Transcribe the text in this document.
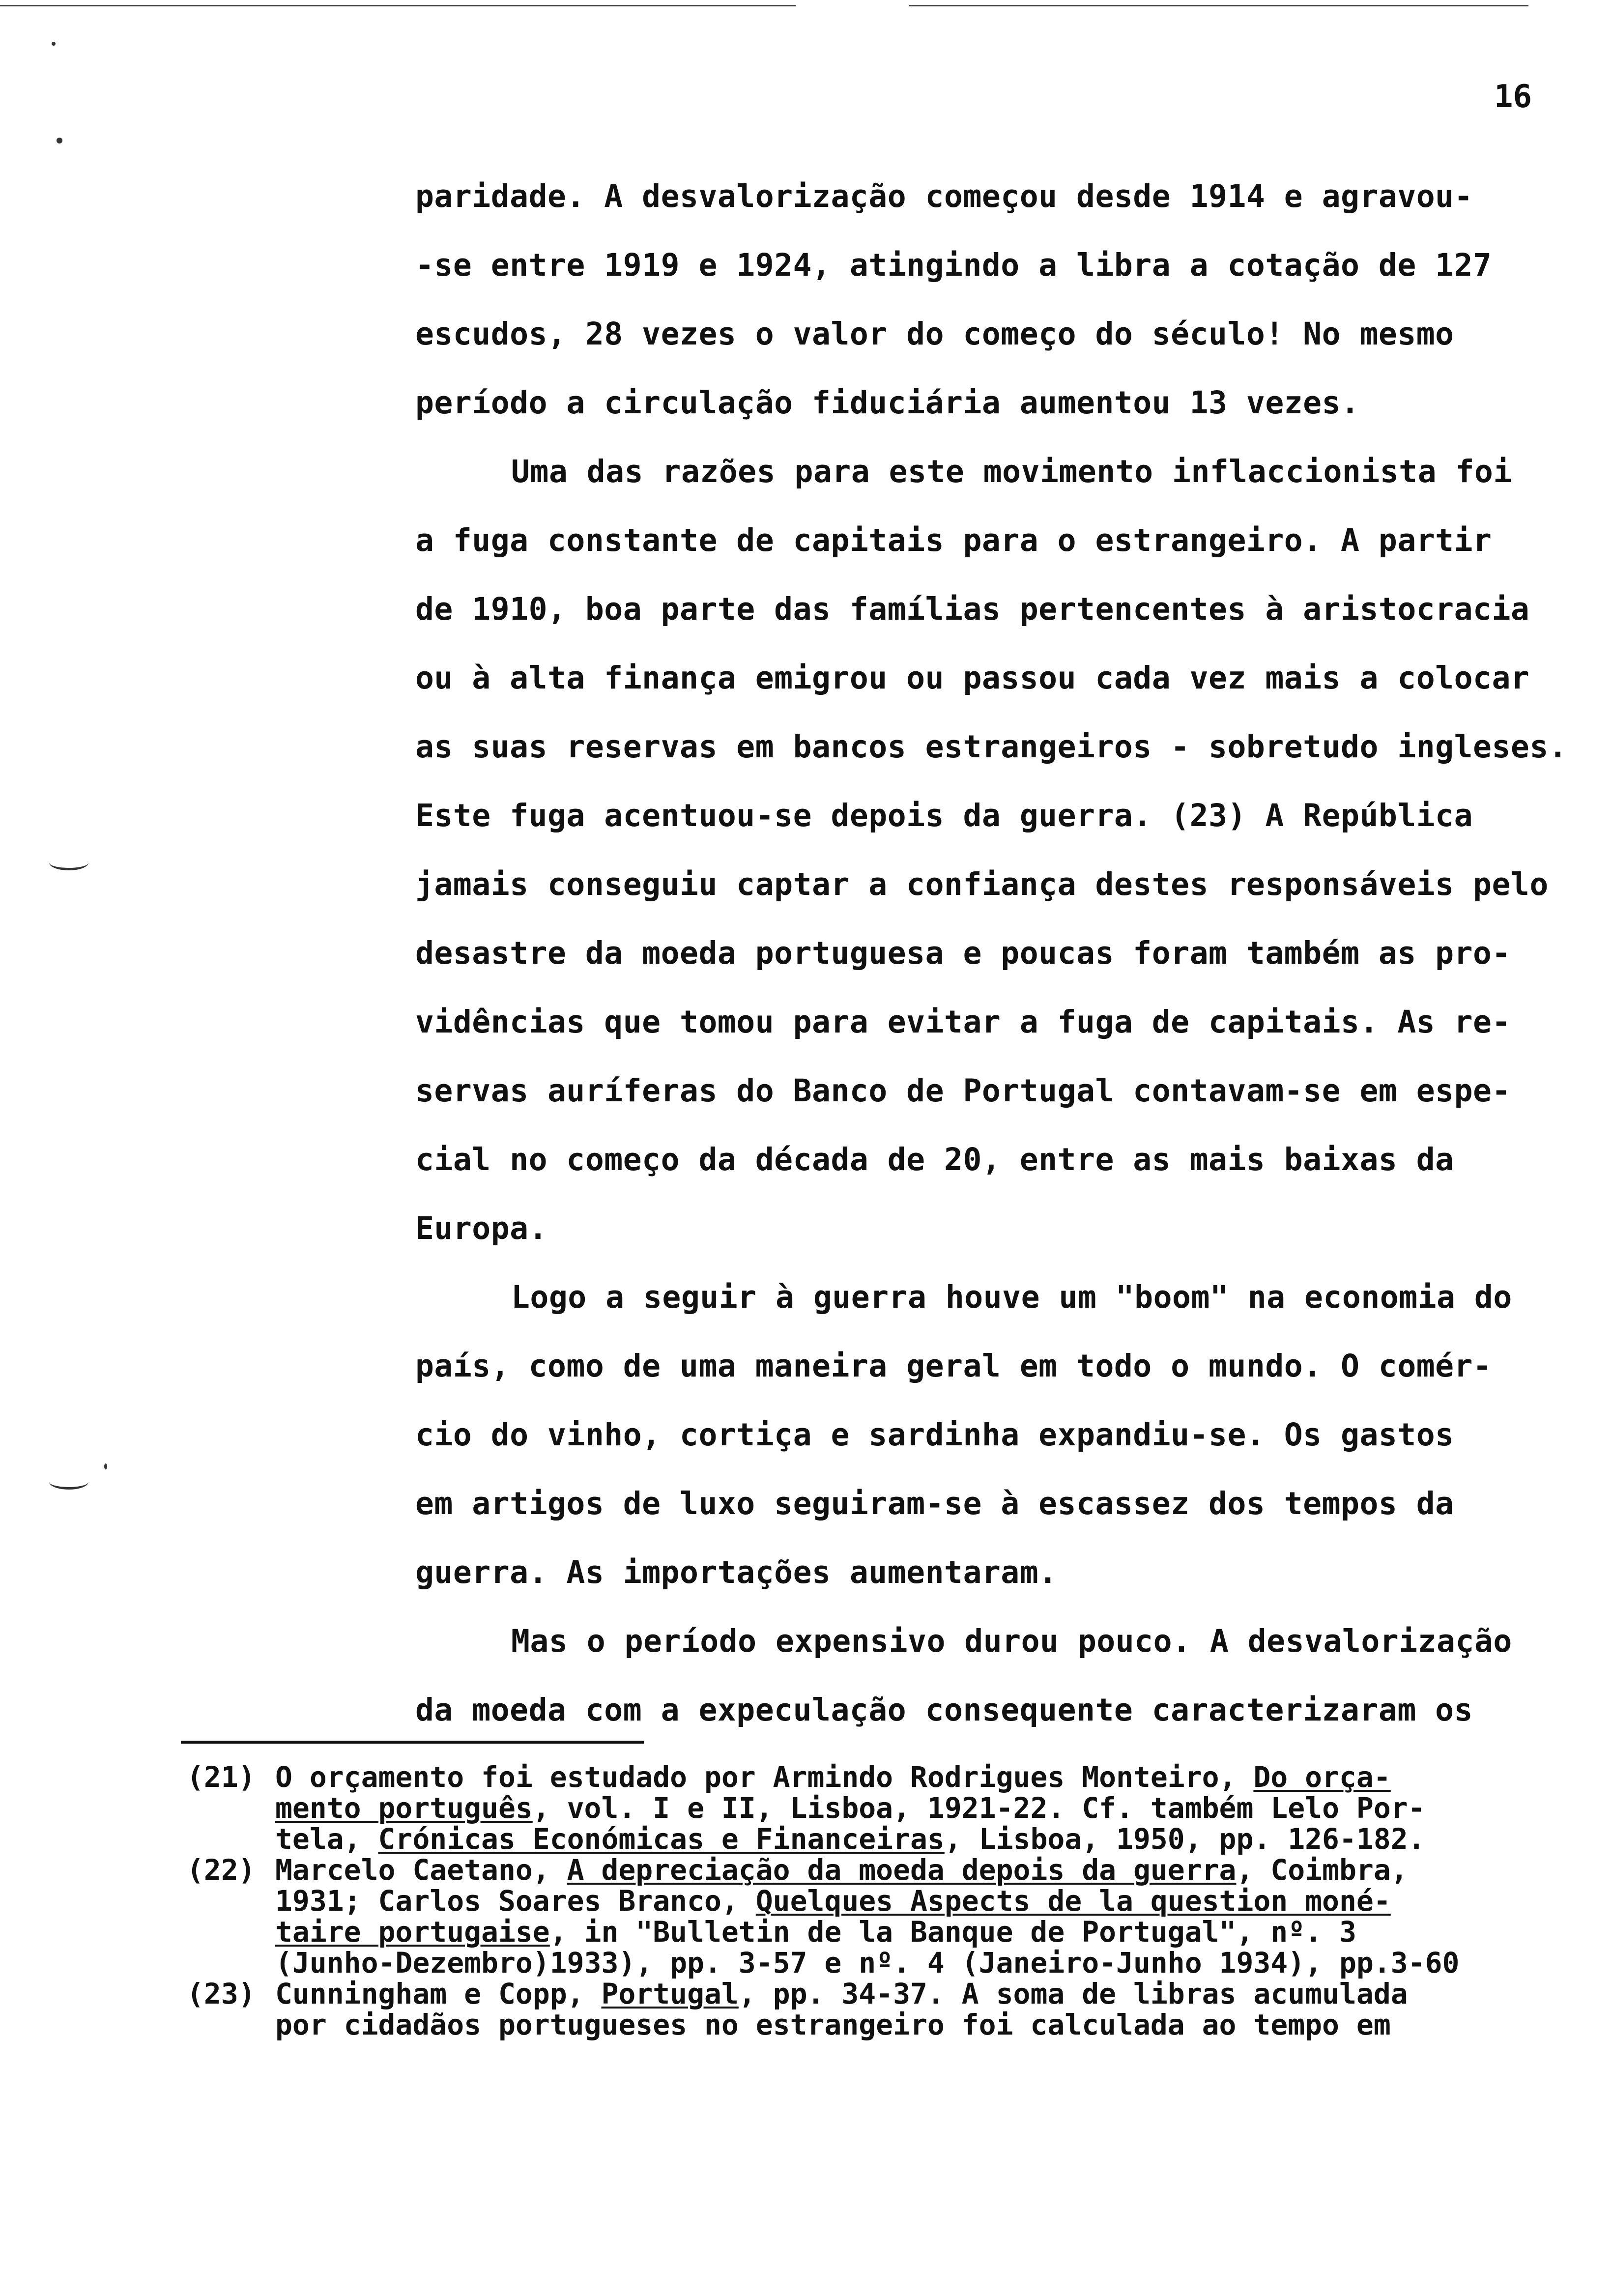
16
paridade. A desvalorização começou desde 1914 e agravou-
-se entre 1919 e 1924, atingindo a libra a cotação de 127
escudos, 28 vezes o valor do começo do século! No mesmo
período a circulação fiduciária aumentou 13 vezes.
Uma das razões para este movimento inflaccionista foi
a fuga constante de capitais para o estrangeiro. A partir
de 1910, boa parte das famílias pertencentes à aristocracia
ou à alta finança emigrou ou passou cada vez mais a colocar
as suas reservas em bancos estrangeiros - sobretudo ingleses.
Este fuga acentuou-se depois da guerra. (23) A República
jamais conseguiu captar a confiança destes responsáveis pelo
desastre da moeda portuguesa e poucas foram também as pro-
vidências que tomou para evitar a fuga de capitais. As re-
servas auríferas do Banco de Portugal contavam-se em espe-
cial no começo da década de 20, entre as mais baixas da
Europa.
Logo a seguir à guerra houve um "boom" na economia do
país, como de uma maneira geral em todo o mundo. O comér-
cio do vinho, cortiça e sardinha expandiu-se. Os gastos
em artigos de luxo seguiram-se à escassez dos tempos da
guerra. As importações aumentaram.
Mas o período expensivo durou pouco. A desvalorização
da moeda com a expeculação consequente caracterizaram os
(21) O orçamento foi estudado por Armindo Rodrigues Monteiro, Do orça-
mento português, vol. I e II, Lisboa, 1921-22. Cf. também Lelo Por-
tela, Crónicas Económicas e Financeiras, Lisboa, 1950, pp. 126-182.
(22) Marcelo Caetano, A depreciação da moeda depois da guerra, Coimbra,
1931; Carlos Soares Branco, Quelques Aspects de la question moné-
taire portugaise, in "Bulletin de la Banque de Portugal", nº. 3
(Junho-Dezembro)1933), pp. 3-57 e nº. 4 (Janeiro-Junho 1934), pp.3-60
(23) Cunningham e Copp, Portugal, pp. 34-37. A soma de libras acumulada
por cidadãos portugueses no estrangeiro foi calculada ao tempo em
